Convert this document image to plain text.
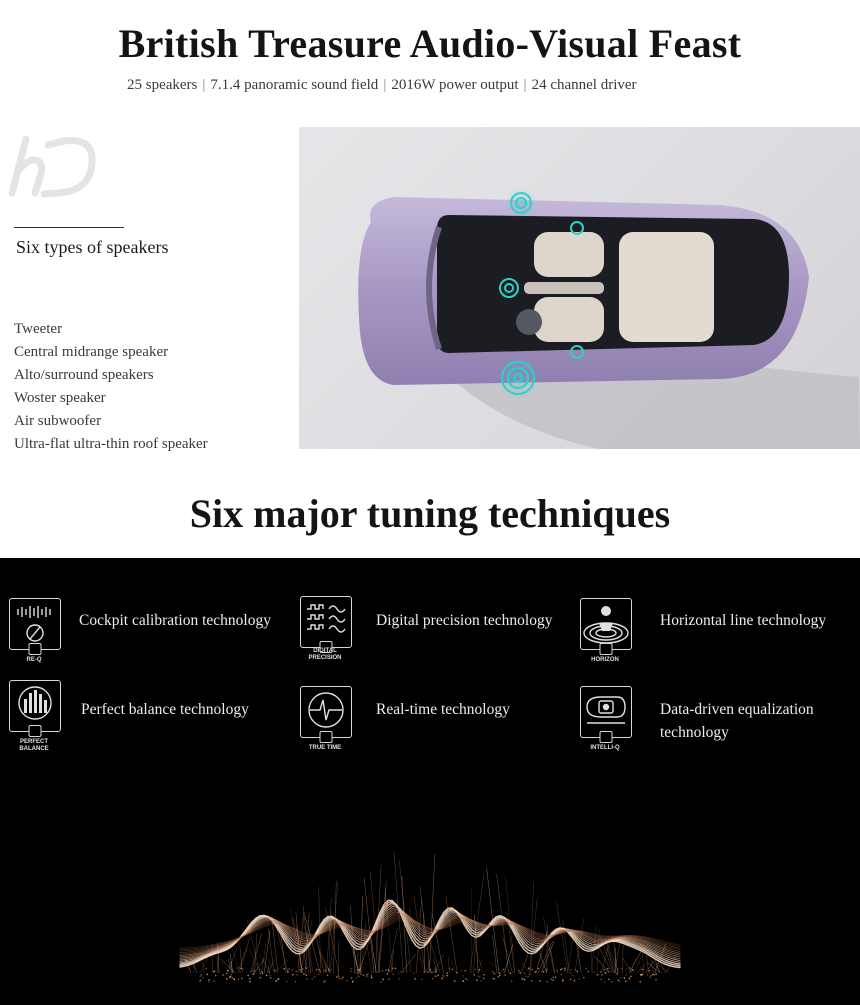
British Treasure Audio-Visual Feast
25 speakers | 7.1.4 panoramic sound field | 2016W power output | 24 channel driver
Six types of speakers
Tweeter
Central midrange speaker
Alto/surround speakers
Woster speaker
Air subwoofer
Ultra-flat ultra-thin roof speaker
Six major tuning techniques
RE-Q
Cockpit calibration technology
DIGITAL
PRECISION
Digital precision technology
HORIZON
Horizontal line technology
PERFECT
BALANCE
Perfect balance technology
TRUE TIME
Real-time technology
INTELLI-Q
Data-driven equalization technology
